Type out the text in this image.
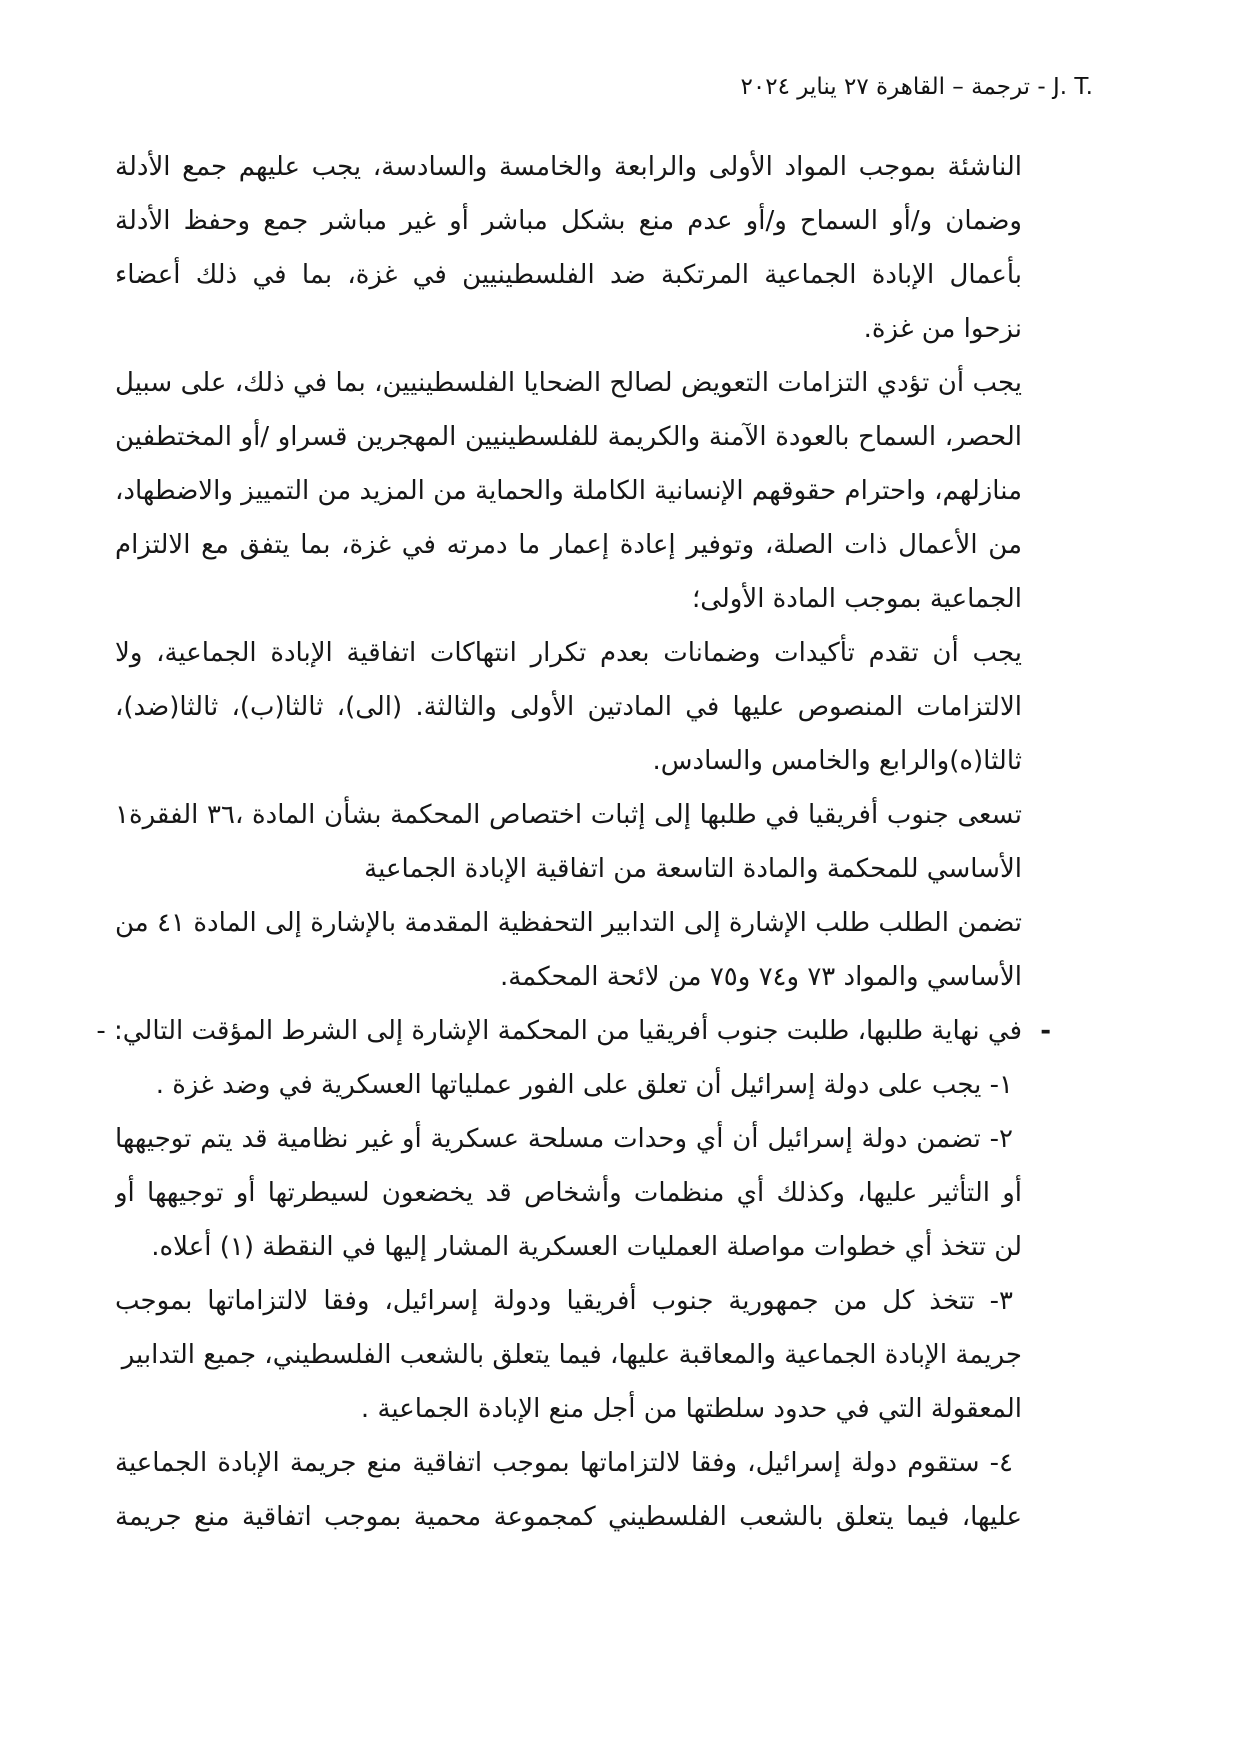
J. T.‎ - ترجمة – القاهرة ٢٧ يناير ٢٠٢٤
الناشئة بموجب المواد الأولى والرابعة والخامسة والسادسة، يجب عليهم جمع الأدلة
وضمان و/أو السماح و/أو عدم منع بشكل مباشر أو غير مباشر جمع وحفظ الأدلة
بأعمال الإبادة الجماعية المرتكبة ضد الفلسطينيين في غزة، بما في ذلك أعضاء
نزحوا من غزة.
يجب أن تؤدي التزامات التعويض لصالح الضحايا الفلسطينيين، بما في ذلك، على سبيل
الحصر، السماح بالعودة الآمنة والكريمة للفلسطينيين المهجرين قسراو /أو المختطفين
منازلهم، واحترام حقوقهم الإنسانية الكاملة والحماية من المزيد من التمييز والاضطهاد،
من الأعمال ذات الصلة، وتوفير إعادة إعمار ما دمرته في غزة، بما يتفق مع الالتزام
الجماعية بموجب المادة الأولى؛
يجب أن تقدم تأكيدات وضمانات بعدم تكرار انتهاكات اتفاقية الإبادة الجماعية، ولا
الالتزامات المنصوص عليها في المادتين الأولى والثالثة. (الى)، ثالثا(ب)، ثالثا(ضد)،
ثالثا(ه)والرابع والخامس والسادس.
تسعى جنوب أفريقيا في طلبها إلى إثبات اختصاص المحكمة بشأن المادة ،٣٦ الفقرة١
الأساسي للمحكمة والمادة التاسعة من اتفاقية الإبادة الجماعية
تضمن الطلب طلب الإشارة إلى التدابير التحفظية المقدمة بالإشارة إلى المادة ٤١ من
الأساسي والمواد ٧٣ و٧٤ و٧٥ من لائحة المحكمة.
في نهاية طلبها، طلبت جنوب أفريقيا من المحكمة الإشارة إلى الشرط المؤقت التالي: - -
١- يجب على دولة إسرائيل أن تعلق على الفور عملياتها العسكرية في وضد غزة .
٢- تضمن دولة إسرائيل أن أي وحدات مسلحة عسكرية أو غير نظامية قد يتم توجيهها
أو التأثير عليها، وكذلك أي منظمات وأشخاص قد يخضعون لسيطرتها أو توجيهها أو
لن تتخذ أي خطوات مواصلة العمليات العسكرية المشار إليها في النقطة (١) أعلاه.
٣- تتخذ كل من جمهورية جنوب أفريقيا ودولة إسرائيل، وفقا لالتزاماتها بموجب
جريمة الإبادة الجماعية والمعاقبة عليها، فيما يتعلق بالشعب الفلسطيني، جميع التدابير
المعقولة التي في حدود سلطتها من أجل منع الإبادة الجماعية .
٤- ستقوم دولة إسرائيل، وفقا لالتزاماتها بموجب اتفاقية منع جريمة الإبادة الجماعية
عليها، فيما يتعلق بالشعب الفلسطيني كمجموعة محمية بموجب اتفاقية منع جريمة
